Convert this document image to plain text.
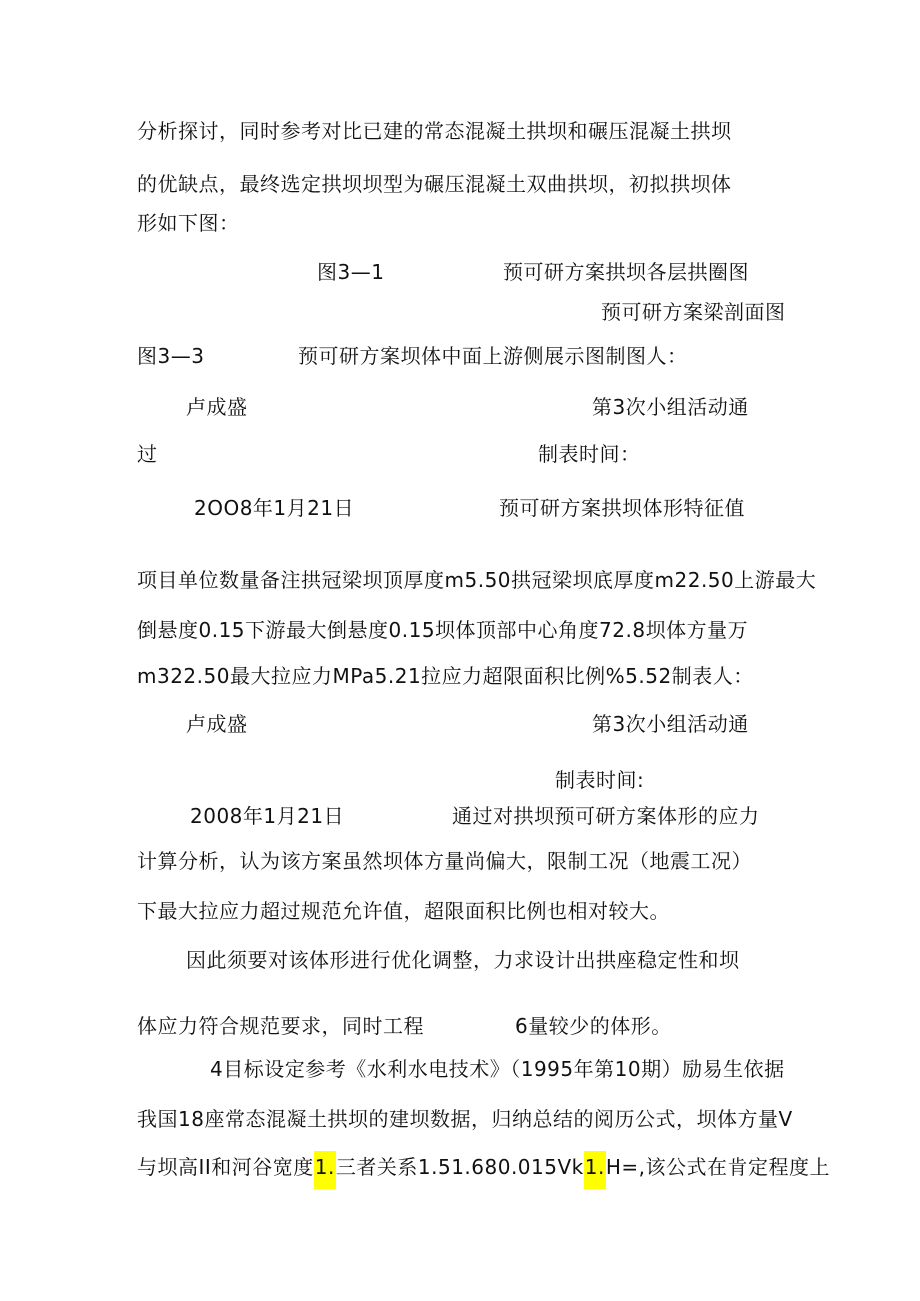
分析探讨，同时参考对比已建的常态混凝土拱坝和碾压混凝土拱坝
的优缺点，最终选定拱坝坝型为碾压混凝土双曲拱坝，初拟拱坝体
形如下图：
图3—1	预可研方案拱坝各层拱圈图
预可研方案梁剖面图
图3—3	预可研方案坝体中面上游侧展示图制图人：
卢成盛	第3次小组活动通
过	制表时间：
2OO8年1月21日	预可研方案拱坝体形特征值
项目单位数量备注拱冠梁坝顶厚度m5.50拱冠梁坝底厚度m22.50上游最大
倒悬度0.15下游最大倒悬度0.15坝体顶部中心角度72.8坝体方量万
m322.50最大拉应力MPa5.21拉应力超限面积比例%5.52制表人：
卢成盛	第3次小组活动通
制表时间:
2008年1月21日	通过对拱坝预可研方案体形的应力
计算分析，认为该方案虽然坝体方量尚偏大，限制工况（地震工况）
下最大拉应力超过规范允许值，超限面积比例也相对较大。
因此须要对该体形进行优化调整，力求设计出拱座稳定性和坝
体应力符合规范要求，同时工程	6量较少的体形。
4目标设定参考《水利水电技术》（1995年第10期）励易生依据
我国18座常态混凝土拱坝的建坝数据，归纳总结的阅历公式，坝体方量V
与坝高II和河谷宽度1.三者关系1.51.680.015Vk1.H=,该公式在肯定程度上
